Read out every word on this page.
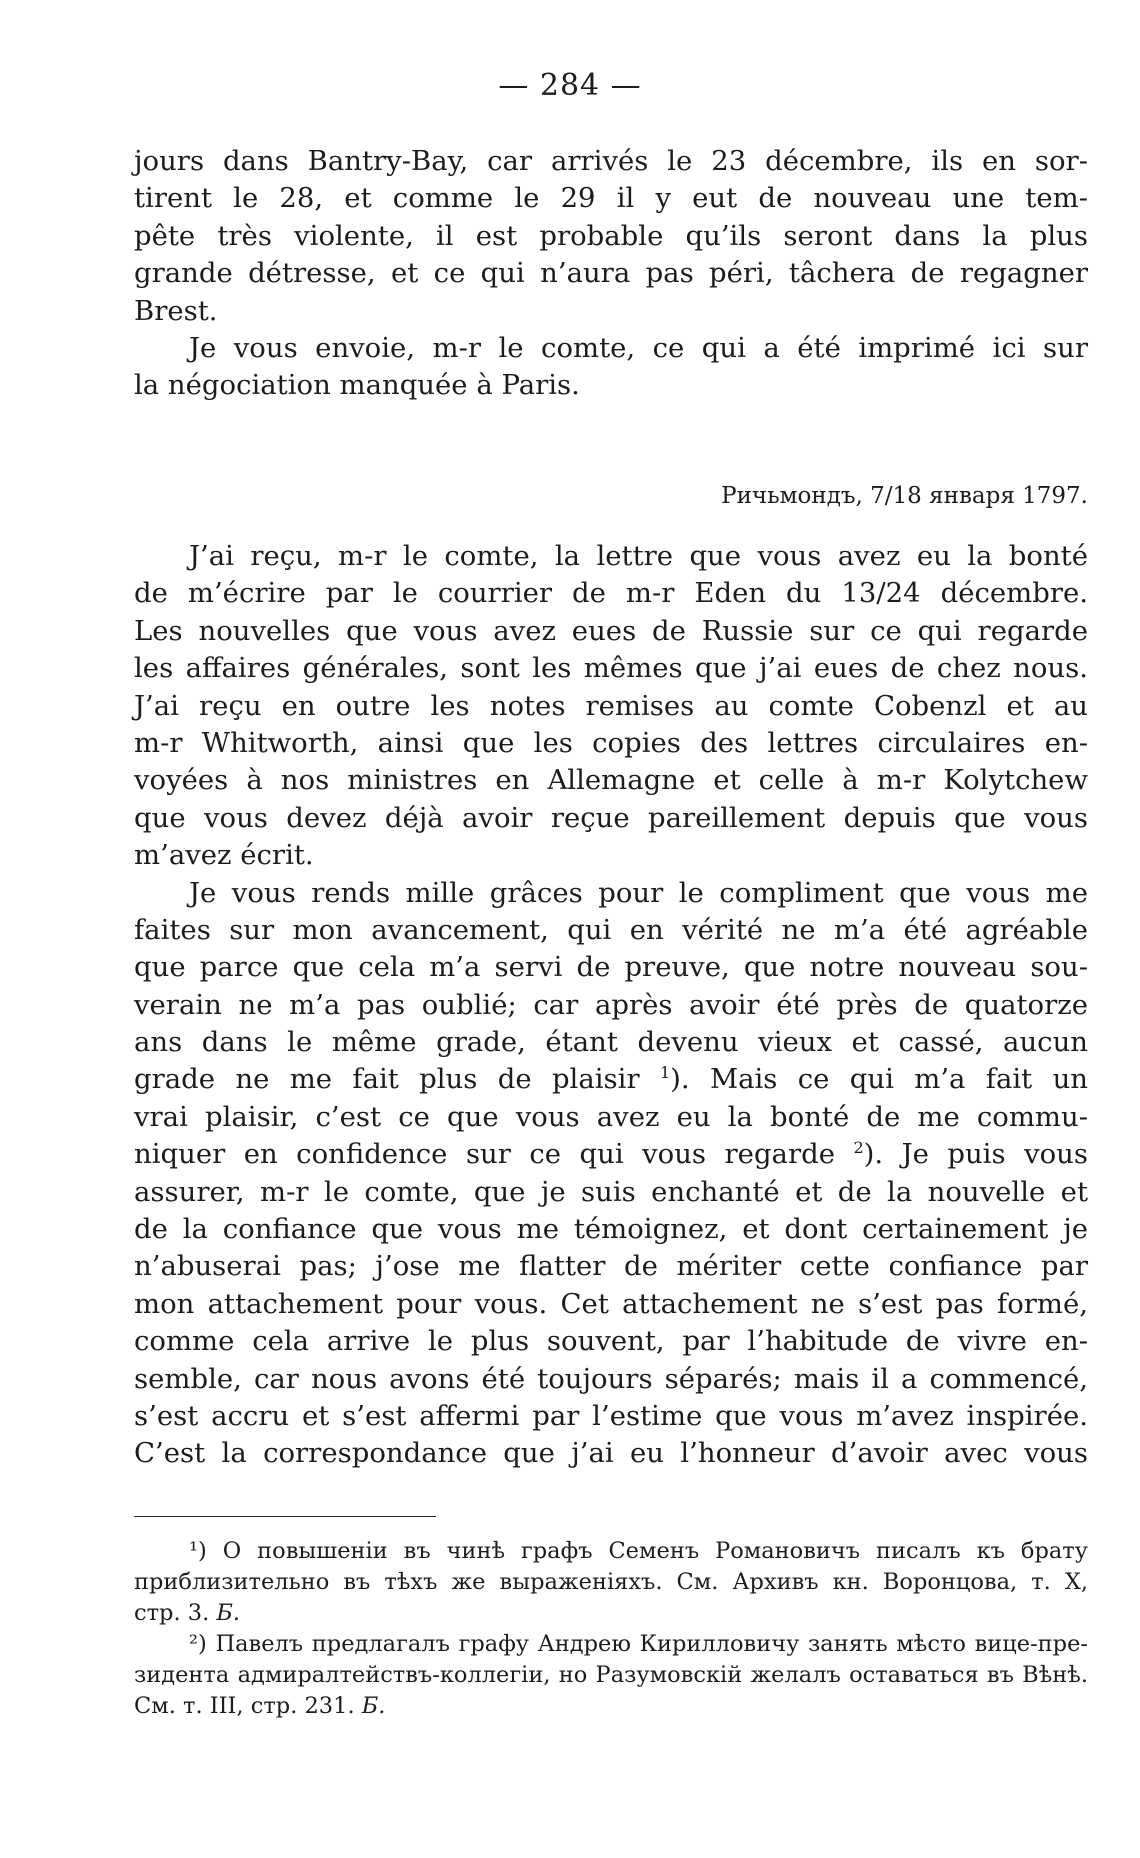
— 284 —
jours dans Bantry-Bay, car arrivés le 23 décembre, ils en sor-
tirent le 28, et comme le 29 il y eut de nouveau une tem-
pête très violente, il est probable qu’ils seront dans la plus
grande détresse, et ce qui n’aura pas péri, tâchera de regagner
Brest.
Je vous envoie, m-r le comte, ce qui a été imprimé ici sur
la négociation manquée à Paris.
Ричьмондъ, 7/18 января 1797.
J’ai reçu, m-r le comte, la lettre que vous avez eu la bonté
de m’écrire par le courrier de m-r Eden du 13/24 décembre.
Les nouvelles que vous avez eues de Russie sur ce qui regarde
les affaires générales, sont les mêmes que j’ai eues de chez nous.
J’ai reçu en outre les notes remises au comte Cobenzl et au
m-r Whitworth, ainsi que les copies des lettres circulaires en-
voyées à nos ministres en Allemagne et celle à m-r Kolytchew
que vous devez déjà avoir reçue pareillement depuis que vous
m’avez écrit.
Je vous rends mille grâces pour le compliment que vous me
faites sur mon avancement, qui en vérité ne m’a été agréable
que parce que cela m’a servi de preuve, que notre nouveau sou-
verain ne m’a pas oublié; car après avoir été près de quatorze
ans dans le même grade, étant devenu vieux et cassé, aucun
grade ne me fait plus de plaisir $^1$). Mais ce qui m’a fait un
vrai plaisir, c’est ce que vous avez eu la bonté de me commu-
niquer en confidence sur ce qui vous regarde $^2$). Je puis vous
assurer, m-r le comte, que je suis enchanté et de la nouvelle et
de la confiance que vous me témoignez, et dont certainement je
n’abuserai pas; j’ose me flatter de mériter cette confiance par
mon attachement pour vous. Cet attachement ne s’est pas formé,
comme cela arrive le plus souvent, par l’habitude de vivre en-
semble, car nous avons été toujours séparés; mais il a commencé,
s’est accru et s’est affermi par l’estime que vous m’avez inspirée.
C’est la correspondance que j’ai eu l’honneur d’avoir avec vous
¹) О повышеніи въ чинѣ графъ Семенъ Романовичъ писалъ къ брату
приблизительно въ тѣхъ же выраженіяхъ. См. Архивъ кн. Воронцова, т. X,
стр. 3. Б.
²) Павелъ предлагалъ графу Андрею Кирилловичу занять мѣсто вице-пре-
зидента адмиралтействъ-коллегіи, но Разумовскій желалъ оставаться въ Вѣнѣ.
См. т. III, стр. 231. Б.
